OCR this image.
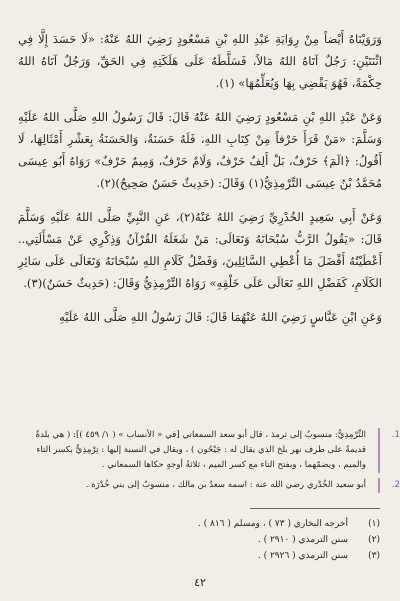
وَرَوَيْنَاهُ أَيْضاً مِنْ رِوَايَةِ عَبْدِ اللهِ بْنِ مَسْعُودٍ رَضِيَ اللهُ عَنْهُ: «لَا حَسَدَ إِلَّا فِي اثْنَتَيْنِ: رَجُلٌ آتَاهُ اللهُ مَالاً، فَسَلَّطَهُ عَلَى هَلَكَتِهِ فِي الحَقِّ، وَرَجُلٌ آتَاهُ اللهُ حِكْمَةً، فَهُوَ يَقْضِي بِهَا وَيُعَلِّمُهَا» (١).

وَعَنْ عَبْدِ اللهِ بْنِ مَسْعُودٍ رَضِيَ اللهُ عَنْهُ قَالَ: قَالَ رَسُولُ اللهِ صَلَّى اللهُ عَلَيْهِ وَسَلَّمَ: «مَنْ قَرَأَ حَرْفاً مِنْ كِتَابِ اللهِ، فَلَهُ حَسَنَةٌ، وَالحَسَنَةُ بِعَشْرِ أَمْثَالِهَا، لَا أَقُولُ: ﴿الٓمٓ﴾ حَرْفٌ، بَلْ أَلِفٌ حَرْفٌ، وَلَامٌ حَرْفٌ، وَمِيمٌ حَرْفٌ» رَوَاهُ أَبُو عِيسَى مُحَمَّدُ بْنُ عِيسَى التِّرْمِذِيُّ(١) وَقَالَ: (حَدِيثٌ حَسَنٌ صَحِيحٌ)(٢).

وَعَنْ أَبِي سَعِيدٍ الخُدْرِيِّ رَضِيَ اللهُ عَنْهُ(٢)، عَنِ النَّبِيِّ صَلَّى اللهُ عَلَيْهِ وَسَلَّمَ قَالَ: «يَقُولُ الرَّبُّ سُبْحَانَهُ وَتَعَالَى: مَنْ شَغَلَهُ القُرْآنُ وَذِكْرِي عَنْ مَسْأَلَتِي.. أَعْطَيْتُهُ أَفْضَلَ مَا أُعْطِي السَّائِلِينَ، وَفَضْلُ كَلَامِ اللهِ سُبْحَانَهُ وَتَعَالَى عَلَى سَائِرِ الكَلَامِ، كَفَضْلِ اللهِ تَعَالَى عَلَى خَلْقِهِ» رَوَاهُ التِّرْمِذِيُّ وَقَالَ: (حَدِيثٌ حَسَنٌ)(٣).

وَعَنِ ابْنِ عَبَّاسٍ رَضِيَ اللهُ عَنْهُمَا قَالَ: قَالَ رَسُولُ اللهِ صَلَّى اللهُ عَلَيْهِ

1.
التِّرْمِذِيُّ: منسوبٌ إلى ترمذ ، قال أبو سعد السمعاني [في « الأنساب » ( ١/ ٤٥٩ )]: ( هي بلدةٌ قديمةٌ على طرف نهر بلخ الذي يقال له : جَيْحُون ) ، ويقال في النسبة إليها : تِرْمِذِيٌّ بكسر التاء والميم ، وبضمّهما ، وبفتح التاء مع كسر الميم ، ثلاثةُ أوجهٍ حكاها السمعاني .
2.
أبو سعيد الخُدْري رضي الله عنه : اسمه سعدُ بن مالك ، منسوبٌ إلى بني خُدْرَة .
(١)
أخرجه البخاري ( ٧٣ ) ، ومسلم ( ٨١٦ ) .
(٢)
سنن الترمذي ( ٢٩١٠ ) .
(٣)
سنن الترمذي ( ٢٩٢٦ ) .
٤٢
